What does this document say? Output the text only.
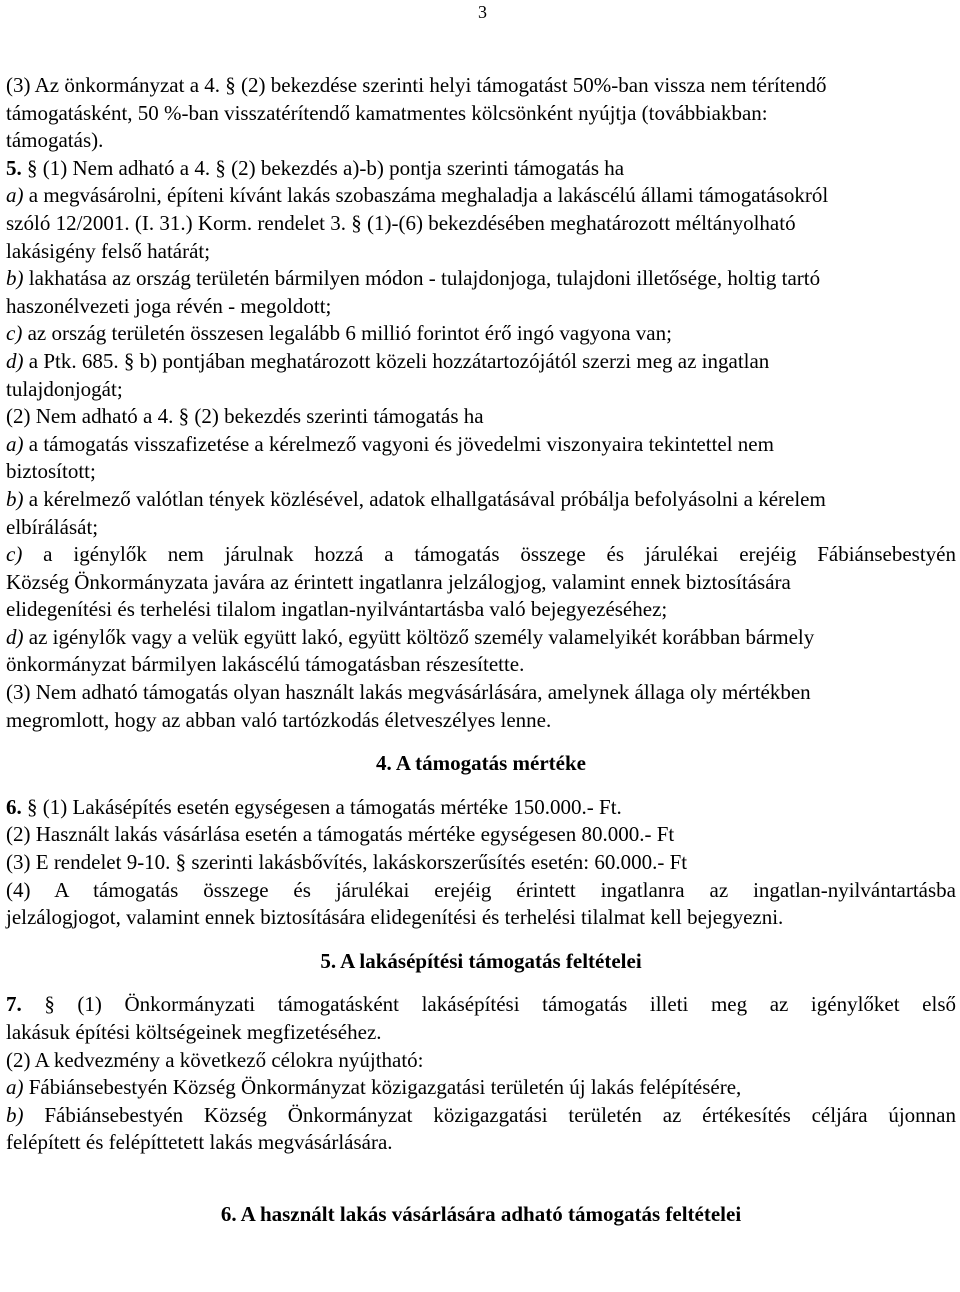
3
(3) Az önkormányzat a 4. § (2) bekezdése szerinti helyi támogatást 50%-ban vissza nem térítendő
támogatásként, 50 %-ban visszatérítendő kamatmentes kölcsönként nyújtja (továbbiakban:
támogatás).
5. § (1) Nem adható a 4. § (2) bekezdés a)-b) pontja szerinti támogatás ha
a) a megvásárolni, építeni kívánt lakás szobaszáma meghaladja a lakáscélú állami támogatásokról
szóló 12/2001. (I. 31.) Korm. rendelet 3. § (1)-(6) bekezdésében meghatározott méltányolható
lakásigény felső határát;
b) lakhatása az ország területén bármilyen módon - tulajdonjoga, tulajdoni illetősége, holtig tartó
haszonélvezeti joga révén - megoldott;
c) az ország területén összesen legalább 6 millió forintot érő ingó vagyona van;
d) a Ptk. 685. § b) pontjában meghatározott közeli hozzátartozójától szerzi meg az ingatlan
tulajdonjogát;
(2) Nem adható a 4. § (2) bekezdés szerinti támogatás ha
a) a támogatás visszafizetése a kérelmező vagyoni és jövedelmi viszonyaira tekintettel nem
biztosított;
b) a kérelmező valótlan tények közlésével, adatok elhallgatásával próbálja befolyásolni a kérelem
elbírálását;
c) a igénylők nem járulnak hozzá a támogatás összege és járulékai erejéig Fábiánsebestyén
Község Önkormányzata javára az érintett ingatlanra jelzálogjog, valamint ennek biztosítására
elidegenítési és terhelési tilalom ingatlan-nyilvántartásba való bejegyezéséhez;
d) az igénylők vagy a velük együtt lakó, együtt költöző személy valamelyikét korábban bármely
önkormányzat bármilyen lakáscélú támogatásban részesítette.
(3) Nem adható támogatás olyan használt lakás megvásárlására, amelynek állaga oly mértékben
megromlott, hogy az abban való tartózkodás életveszélyes lenne.
4. A támogatás mértéke
6. § (1) Lakásépítés esetén egységesen a támogatás mértéke 150.000.- Ft.
(2) Használt lakás vásárlása esetén a támogatás mértéke egységesen 80.000.- Ft
(3) E rendelet 9-10. § szerinti lakásbővítés, lakáskorszerűsítés esetén: 60.000.- Ft
(4) A támogatás összege és járulékai erejéig érintett ingatlanra az ingatlan-nyilvántartásba
jelzálogjogot, valamint ennek biztosítására elidegenítési és terhelési tilalmat kell bejegyezni.
5. A lakásépítési támogatás feltételei
7. § (1) Önkormányzati támogatásként lakásépítési támogatás illeti meg az igénylőket első
lakásuk építési költségeinek megfizetéséhez.
(2) A kedvezmény a következő célokra nyújtható:
a) Fábiánsebestyén Község Önkormányzat közigazgatási területén új lakás felépítésére,
b) Fábiánsebestyén Község Önkormányzat közigazgatási területén az értékesítés céljára újonnan
felépített és felépíttetett lakás megvásárlására.
6. A használt lakás vásárlására adható támogatás feltételei
